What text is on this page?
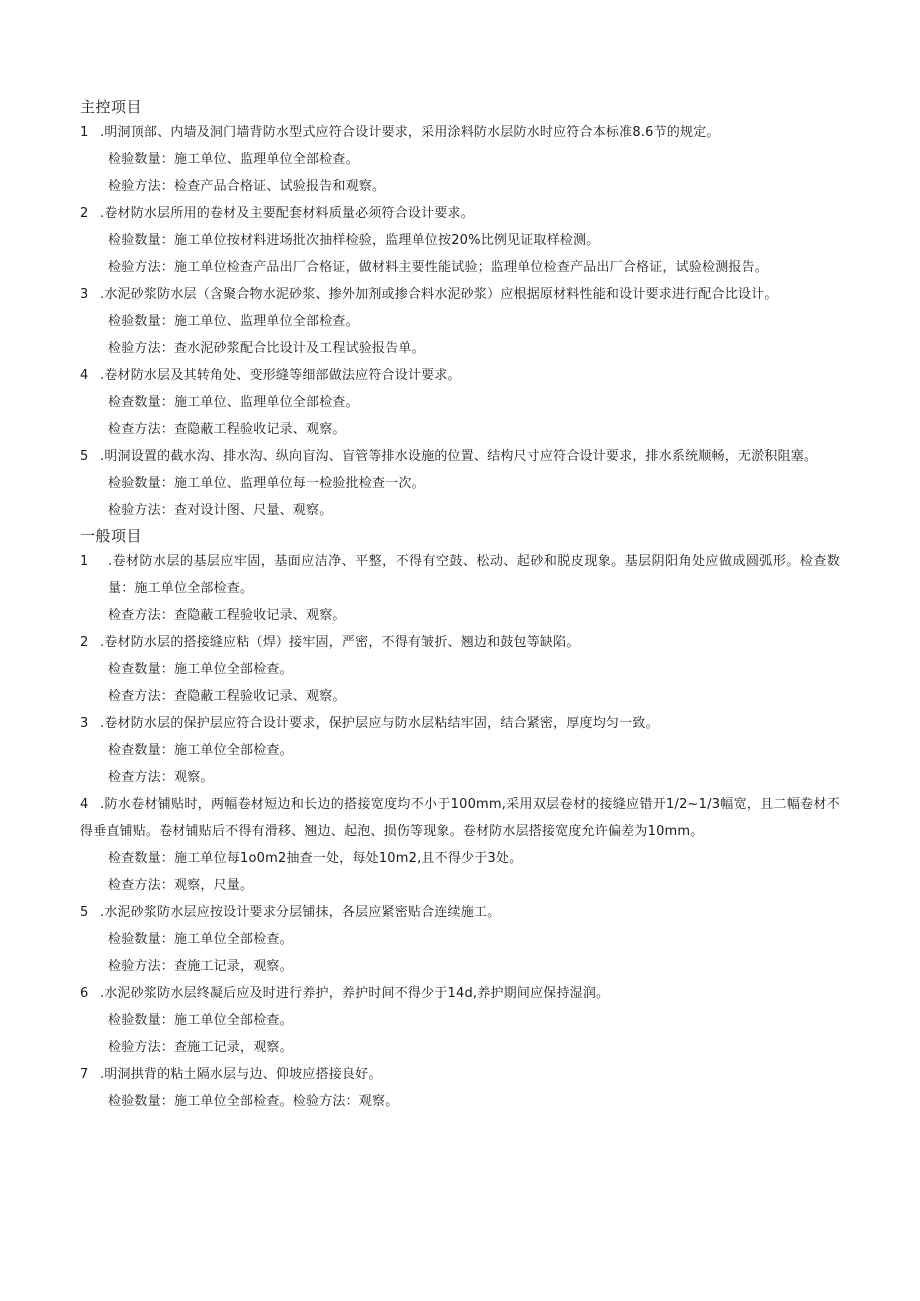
主控项目

1 .明洞顶部、内墙及洞门墙背防水型式应符合设计要求，采用涂料防水层防水时应符合本标准8.6节的规定。

检验数量：施工单位、监理单位全部检查。

检验方法：检查产品合格证、试验报告和观察。

2 .卷材防水层所用的卷材及主要配套材料质量必须符合设计要求。

检验数量：施工单位按材料进场批次抽样检验，监理单位按20%比例见证取样检测。

检验方法：施工单位检查产品出厂合格证，做材料主要性能试验；监理单位检查产品出厂合格证，试验检测报告。

3 .水泥砂浆防水层（含聚合物水泥砂浆、掺外加剂或掺合料水泥砂浆）应根据原材料性能和设计要求进行配合比设计。

检验数量：施工单位、监理单位全部检查。

检验方法：查水泥砂浆配合比设计及工程试验报告单。

4 .卷材防水层及其转角处、变形缝等细部做法应符合设计要求。

检查数量：施工单位、监理单位全部检查。

检查方法：查隐蔽工程验收记录、观察。

5 .明洞设置的截水沟、排水沟、纵向盲沟、盲管等排水设施的位置、结构尺寸应符合设计要求，排水系统顺畅，无淤积阻塞。

检验数量：施工单位、监理单位每一检验批检查一次。

检验方法：查对设计图、尺量、观察。

一般项目

1 .卷材防水层的基层应牢固，基面应洁净、平整，不得有空鼓、松动、起砂和脱皮现象。基层阴阳角处应做成圆弧形。检查数量：施工单位全部检查。

检查方法：查隐蔽工程验收记录、观察。

2 .卷材防水层的搭接缝应粘（焊）接牢固，严密，不得有皱折、翘边和鼓包等缺陷。

检查数量：施工单位全部检查。

检查方法：查隐蔽工程验收记录、观察。

3 .卷材防水层的保护层应符合设计要求，保护层应与防水层粘结牢固，结合紧密，厚度均匀一致。

检查数量：施工单位全部检查。

检查方法：观察。

4 .防水卷材铺贴时，两幅卷材短边和长边的搭接宽度均不小于100mm,采用双层卷材的接缝应错开1/2~1/3幅宽，且二幅卷材不得垂直铺贴。卷材铺贴后不得有滑移、翘边、起泡、损伤等现象。卷材防水层搭接宽度允许偏差为10mm。

检查数量：施工单位每1o0m2抽查一处，每处10m2,且不得少于3处。

检查方法：观察，尺量。

5 .水泥砂浆防水层应按设计要求分层铺抹，各层应紧密贴合连续施工。

检验数量：施工单位全部检查。

检验方法：查施工记录，观察。

6 .水泥砂浆防水层终凝后应及时进行养护，养护时间不得少于14d,养护期间应保持湿润。

检验数量：施工单位全部检查。

检验方法：查施工记录，观察。

7 .明洞拱背的粘土隔水层与边、仰坡应搭接良好。

检验数量：施工单位全部检查。检验方法：观察。
